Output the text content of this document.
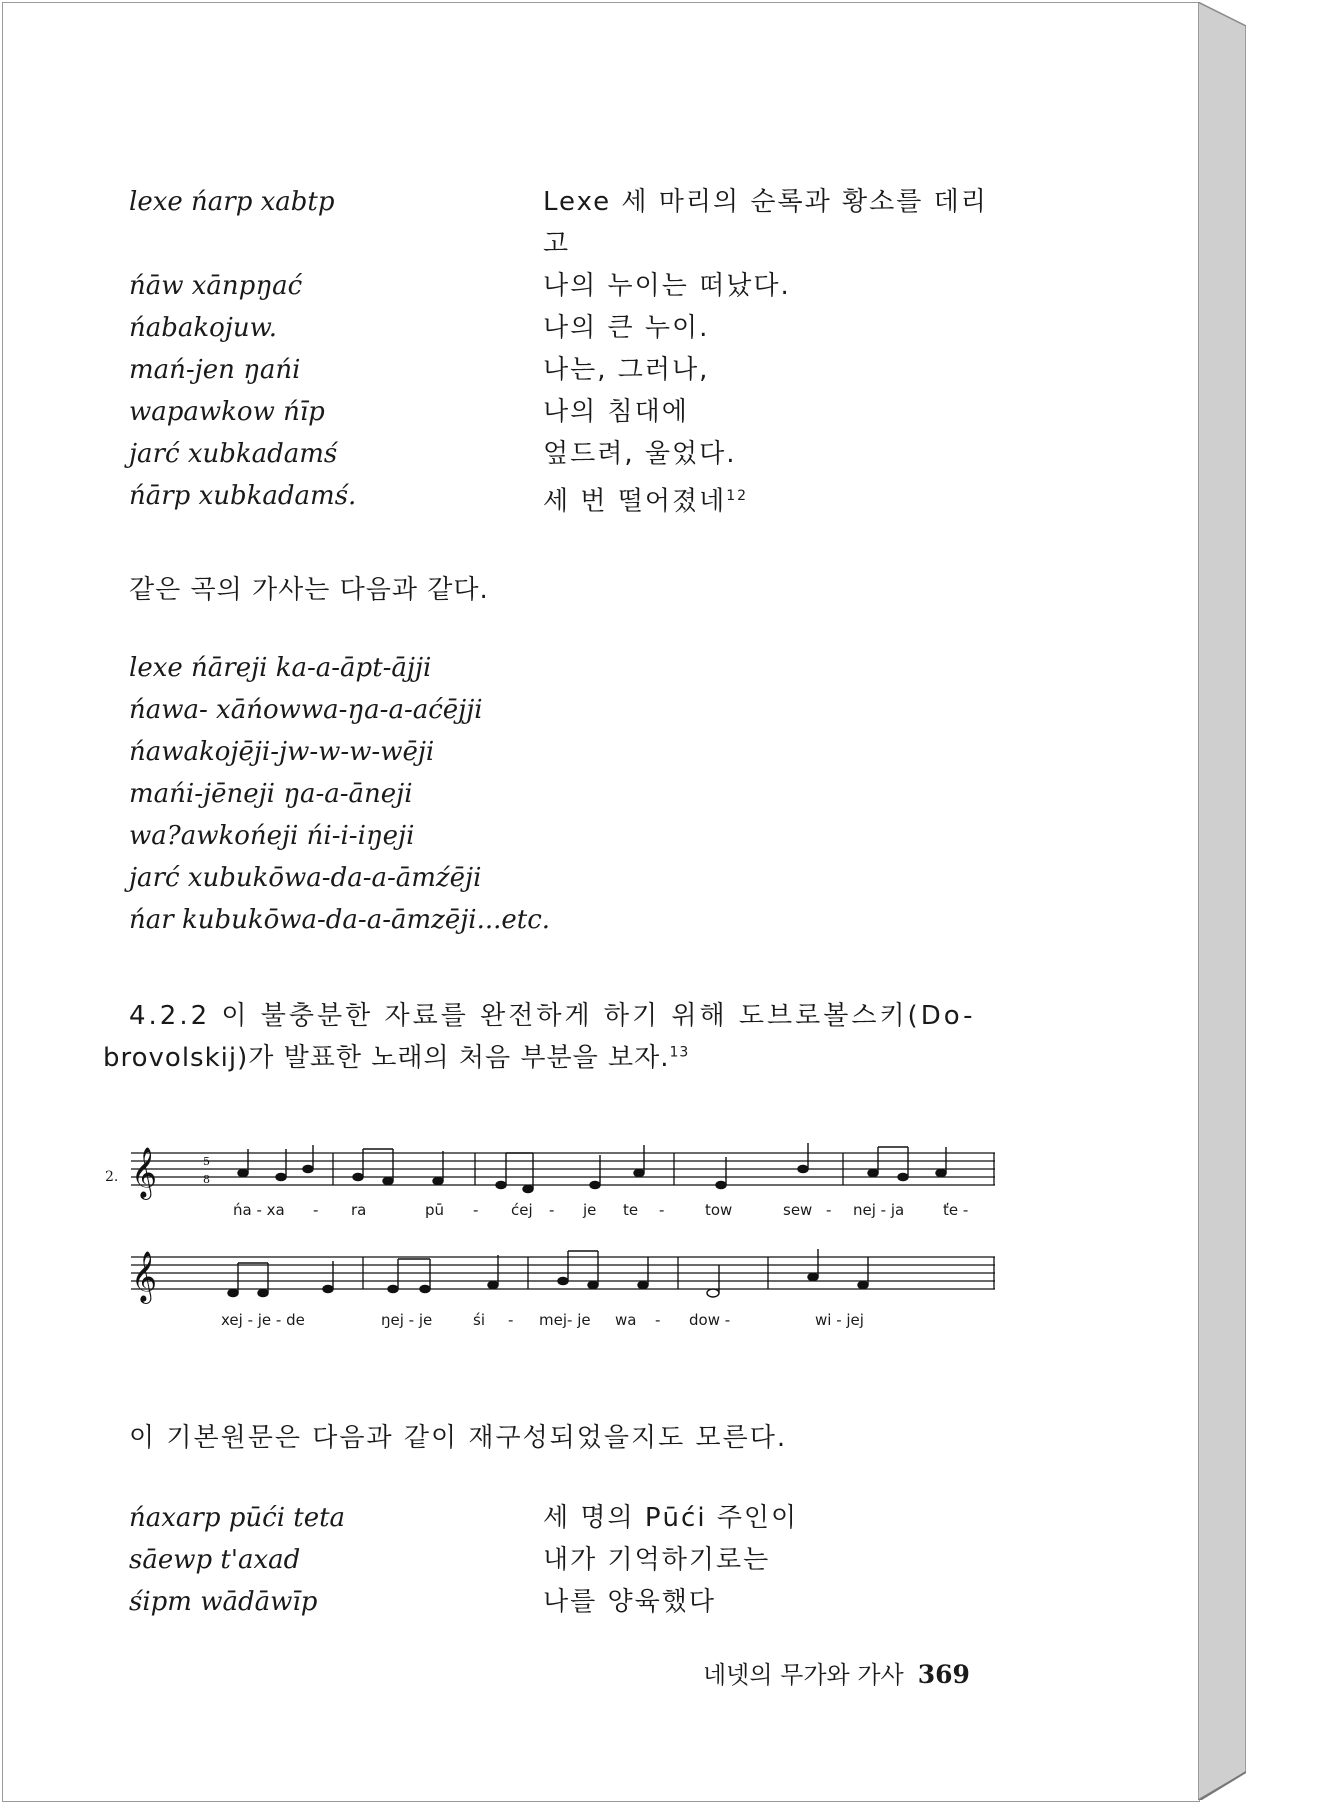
lexe ńarp xabtp	Lexe 세 마리의 순록과 황소를 데리
고
ńāw xānpŋać	나의 누이는 떠났다.
ńabakojuw.	나의 큰 누이.
mań-jen ŋańi	나는, 그러나,
wapawkow ńīp	나의 침대에
jarć xubkadamś	엎드려, 울었다.
ńārp xubkadamś.	세 번 떨어졌네$^{12}$
같은 곡의 가사는 다음과 같다.
lexe ńāreji ka-a-āpt-ājji
ńawa- xāńowwa-ŋa-a-aćējji
ńawakojēji-jw-w-w-wēji
mańi-jēneji ŋa-a-āneji
wa?awkońeji ńi-i-iŋeji
jarć xubukōwa-da-a-āmźēji
ńar kubukōwa-da-a-āmzēji...etc.
4.2.2 이 불충분한 자료를 완전하게 하기 위해 도브로볼스키(Do-
brovolskij)가 발표한 노래의 처음 부분을 보자.$^{13}$
2. 𝄞	5
8
ńa - xa - ra	pū - ćej - je te -	tow	sew - nej - ja	ťe -
𝄞
xej - je - de	ŋej - je	śi - mej- je wa - dow -	wi - jej
이 기본원문은 다음과 같이 재구성되었을지도 모른다.
ńaxarp pūći teta	세 명의 Pūći 주인이
sāewp t'axad	내가 기억하기로는
śipm wādāwīp	나를 양육했다
네넷의 무가와 가사 369
